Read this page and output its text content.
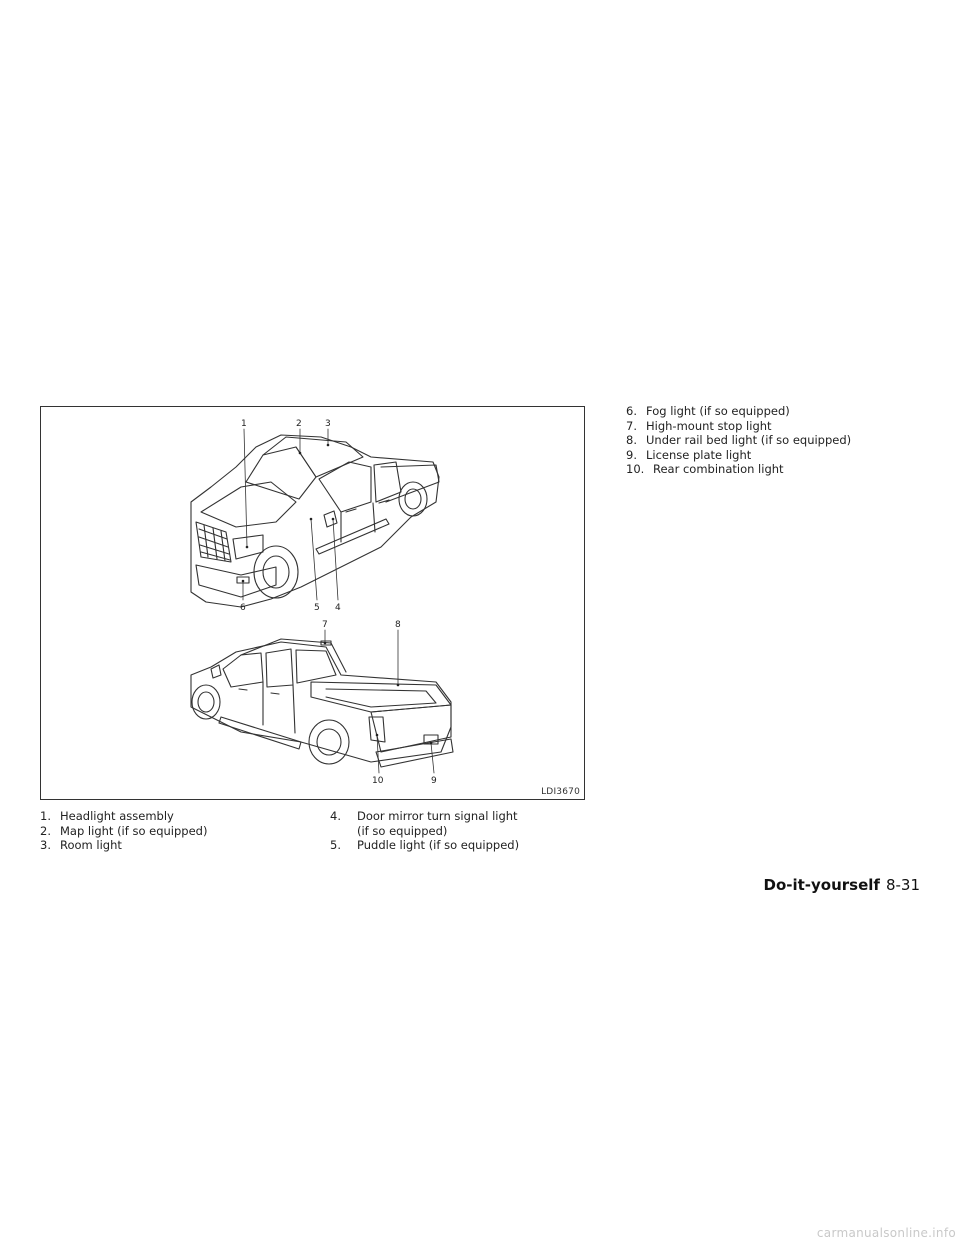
1	2	3
4
5
6
7	8
9
10
LDI3670
1. Headlight assembly
2. Map light (if so equipped)
3. Room light
4.	Door mirror turn signal light
(if so equipped)
5.	Puddle light (if so equipped)
6. Fog light (if so equipped)
7. High-mount stop light
8. Under rail bed light (if so equipped)
9. License plate light
10. Rear combination light
Do-it-yourself 8-31
carmanualsonline.info
